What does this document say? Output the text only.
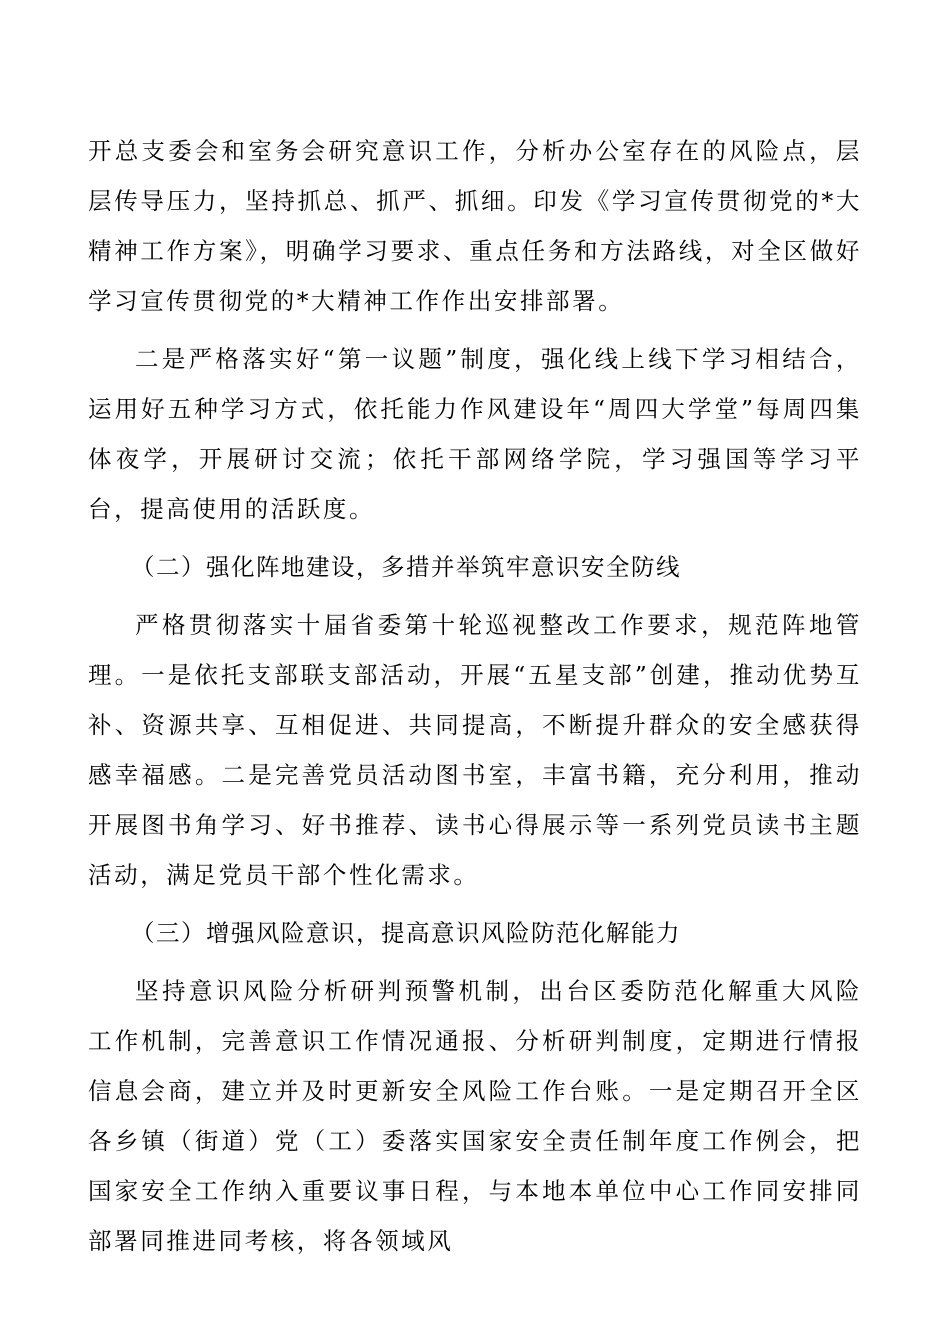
开总支委会和室务会研究意识工作，分析办公室存在的风险点，层层传导压力，坚持抓总、抓严、抓细。印发《学习宣传贯彻党的*大精神工作方案》，明确学习要求、重点任务和方法路线，对全区做好学习宣传贯彻党的*大精神工作作出安排部署。

二是严格落实好“第一议题”制度，强化线上线下学习相结合，运用好五种学习方式，依托能力作风建设年“周四大学堂”每周四集体夜学，开展研讨交流；依托干部网络学院，学习强国等学习平台，提高使用的活跃度。

（二）强化阵地建设，多措并举筑牢意识安全防线

严格贯彻落实十届省委第十轮巡视整改工作要求，规范阵地管理。一是依托支部联支部活动，开展“五星支部”创建，推动优势互补、资源共享、互相促进、共同提高，不断提升群众的安全感获得感幸福感。二是完善党员活动图书室，丰富书籍，充分利用，推动开展图书角学习、好书推荐、读书心得展示等一系列党员读书主题活动，满足党员干部个性化需求。

（三）增强风险意识，提高意识风险防范化解能力

坚持意识风险分析研判预警机制，出台区委防范化解重大风险工作机制，完善意识工作情况通报、分析研判制度，定期进行情报信息会商，建立并及时更新安全风险工作台账。一是定期召开全区各乡镇（街道）党（工）委落实国家安全责任制年度工作例会，把国家安全工作纳入重要议事日程，与本地本单位中心工作同安排同部署同推进同考核，将各领域风
